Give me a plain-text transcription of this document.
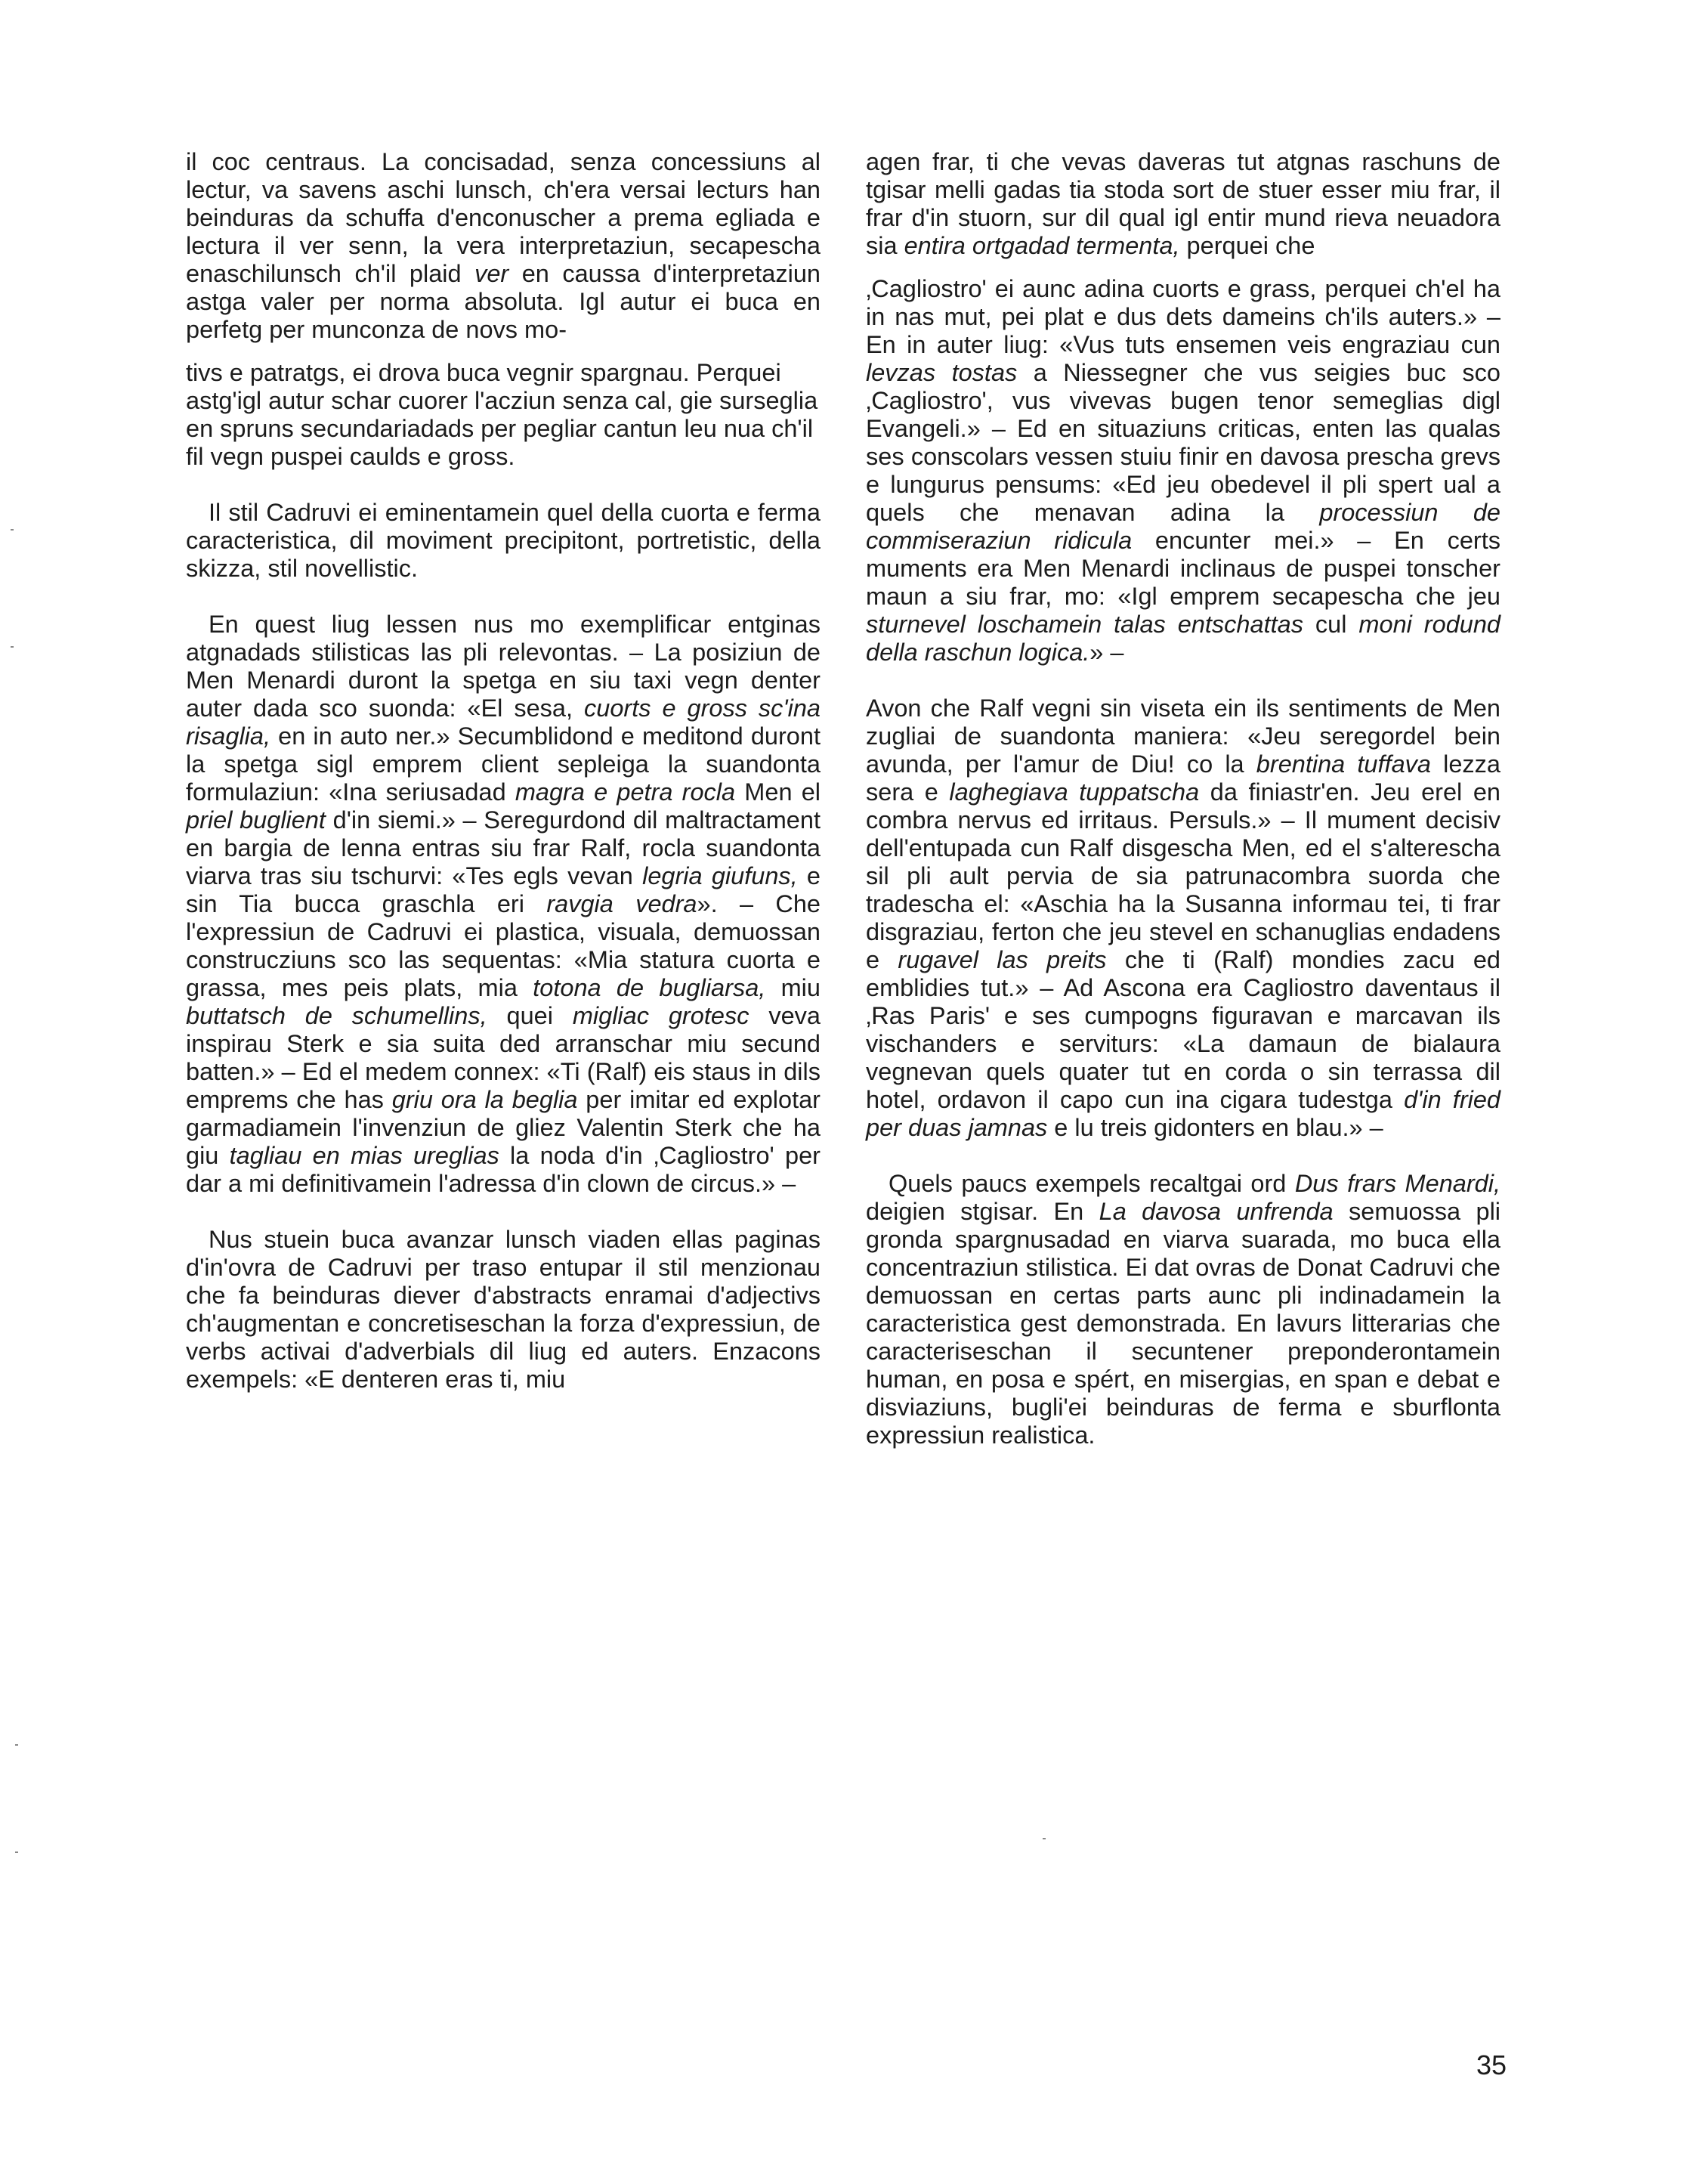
il coc centraus. La concisadad, senza concessiuns al lectur, va savens aschi lunsch, ch'era versai lecturs han beinduras da schuffa d'enconuscher a prema egliada e lectura il ver senn, la vera interpretaziun, secapescha enaschilunsch ch'il plaid ver en caussa d'interpretaziun astga valer per norma absoluta. Igl autur ei buca en perfetg per munconza de novs mo-

tivs e patratgs, ei drova buca vegnir spargnau. Perquei astg'igl autur schar cuorer l'acziun senza cal, gie surseglia en spruns secundariadads per pegliar cantun leu nua ch'il fil vegn puspei caulds e gross.

Il stil Cadruvi ei eminentamein quel della cuorta e ferma caracteristica, dil moviment precipitont, portretistic, della skizza, stil novellistic.

En quest liug lessen nus mo exemplificar entginas atgnadads stilisticas las pli relevontas. – La posiziun de Men Menardi duront la spetga en siu taxi vegn denter auter dada sco suonda: «El sesa, cuorts e gross sc'ina risaglia, en in auto ner.» Secumblidond e meditond duront la spetga sigl emprem client sepleiga la suandonta formulaziun: «Ina seriusadad magra e petra rocla Men el priel buglient d'in siemi.» – Seregurdond dil maltractament en bargia de lenna entras siu frar Ralf, rocla suandonta viarva tras siu tschurvi: «Tes egls vevan legria giufuns, e sin Tia bucca graschla eri ravgia vedra». – Che l'expressiun de Cadruvi ei plastica, visuala, demuossan construcziuns sco las sequentas: «Mia statura cuorta e grassa, mes peis plats, mia totona de bugliarsa, miu buttatsch de schumellins, quei migliac grotesc veva inspirau Sterk e sia suita ded arranschar miu secund batten.» – Ed el medem connex: «Ti (Ralf) eis staus in dils emprems che has griu ora la beglia per imitar ed explotar garmadiamein l'invenziun de gliez Valentin Sterk che ha giu tagliau en mias ureglias la noda d'in ‚Cagliostro' per dar a mi definitivamein l'adressa d'in clown de circus.» –

Nus stuein buca avanzar lunsch viaden ellas paginas d'in'ovra de Cadruvi per traso entupar il stil menzionau che fa beinduras diever d'abstracts enramai d'adjectivs ch'augmentan e concretiseschan la forza d'expressiun, de verbs activai d'adverbials dil liug ed auters. Enzacons exempels: «E denteren eras ti, miu

agen frar, ti che vevas daveras tut atgnas raschuns de tgisar melli gadas tia stoda sort de stuer esser miu frar, il frar d'in stuorn, sur dil qual igl entir mund rieva neuadora sia entira ortgadad termenta, perquei che

‚Cagliostro' ei aunc adina cuorts e grass, perquei ch'el ha in nas mut, pei plat e dus dets dameins ch'ils auters.» – En in auter liug: «Vus tuts ensemen veis engraziau cun levzas tostas a Niessegner che vus seigies buc sco ‚Cagliostro', vus vivevas bugen tenor semeglias digl Evangeli.» – Ed en situaziuns criticas, enten las qualas ses conscolars vessen stuiu finir en davosa prescha grevs e lungurus pensums: «Ed jeu obedevel il pli spert ual a quels che menavan adina la processiun de commiseraziun ridicula encunter mei.» – En certs muments era Men Menardi inclinaus de puspei tonscher maun a siu frar, mo: «Igl emprem secapescha che jeu sturnevel loschamein talas entschattas cul moni rodund della raschun logica.» –

Avon che Ralf vegni sin viseta ein ils sentiments de Men zugliai de suandonta maniera: «Jeu seregordel bein avunda, per l'amur de Diu! co la brentina tuffava lezza sera e laghegiava tuppatscha da finiastr'en. Jeu erel en combra nervus ed irritaus. Persuls.» – Il mument decisiv dell'entupada cun Ralf disgescha Men, ed el s'alterescha sil pli ault pervia de sia patrunacombra suorda che tradescha el: «Aschia ha la Susanna informau tei, ti frar disgraziau, ferton che jeu stevel en schanuglias endadens e rugavel las preits che ti (Ralf) mondies zacu ed emblidies tut.» – Ad Ascona era Cagliostro daventaus il ‚Ras Paris' e ses cumpogns figuravan e marcavan ils vischanders e serviturs: «La damaun de bialaura vegnevan quels quater tut en corda o sin terrassa dil hotel, ordavon il capo cun ina cigara tudestga d'in fried per duas jamnas e lu treis gidonters en blau.» –

Quels paucs exempels recaltgai ord Dus frars Menardi, deigien stgisar. En La davosa unfrenda semuossa pli gronda spargnusadad en viarva suarada, mo buca ella concentraziun stilistica. Ei dat ovras de Donat Cadruvi che demuossan en certas parts aunc pli indinadamein la caracteristica gest demonstrada. En lavurs litterarias che caracteriseschan il secuntener preponderontamein human, en posa e spért, en misergias, en span e debat e disviaziuns, bugli'ei beinduras de ferma e sburflonta expressiun realistica.

35
